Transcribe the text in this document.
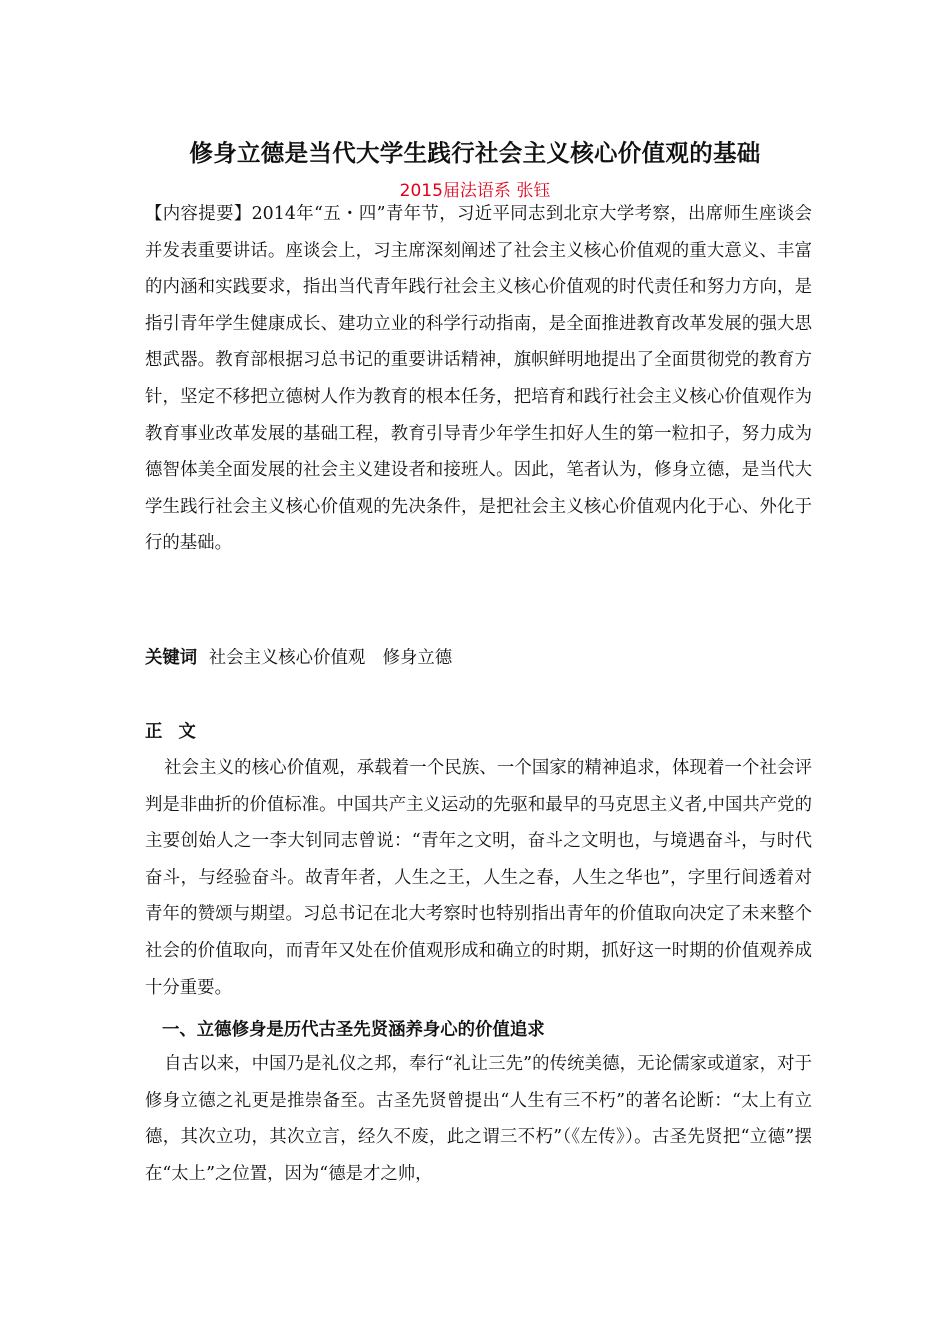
修身立德是当代大学生践行社会主义核心价值观的基础
2015届法语系 张钰
【内容提要】2014年“五・四”青年节，习近平同志到北京大学考察，出席师生座谈会并发表重要讲话。座谈会上，习主席深刻阐述了社会主义核心价值观的重大意义、丰富的内涵和实践要求，指出当代青年践行社会主义核心价值观的时代责任和努力方向，是指引青年学生健康成长、建功立业的科学行动指南，是全面推进教育改革发展的强大思想武器。教育部根据习总书记的重要讲话精神，旗帜鲜明地提出了全面贯彻党的教育方针，坚定不移把立德树人作为教育的根本任务，把培育和践行社会主义核心价值观作为教育事业改革发展的基础工程，教育引导青少年学生扣好人生的第一粒扣子，努力成为德智体美全面发展的社会主义建设者和接班人。因此，笔者认为，修身立德，是当代大学生践行社会主义核心价值观的先决条件，是把社会主义核心价值观内化于心、外化于行的基础。
关键词 社会主义核心价值观　修身立德
正文
社会主义的核心价值观，承载着一个民族、一个国家的精神追求，体现着一个社会评判是非曲折的价值标准。中国共产主义运动的先驱和最早的马克思主义者,中国共产党的主要创始人之一李大钊同志曾说：“青年之文明，奋斗之文明也，与境遇奋斗，与时代奋斗，与经验奋斗。故青年者，人生之王，人生之春，人生之华也”，字里行间透着对青年的赞颂与期望。习总书记在北大考察时也特别指出青年的价值取向决定了未来整个社会的价值取向，而青年又处在价值观形成和确立的时期，抓好这一时期的价值观养成十分重要。
一、立德修身是历代古圣先贤涵养身心的价值追求
自古以来，中国乃是礼仪之邦，奉行“礼让三先”的传统美德，无论儒家或道家，对于修身立德之礼更是推崇备至。古圣先贤曾提出“人生有三不朽”的著名论断：“太上有立德，其次立功，其次立言，经久不废，此之谓三不朽”（《左传》）。古圣先贤把“立德”摆在“太上”之位置，因为“德是才之帅，
